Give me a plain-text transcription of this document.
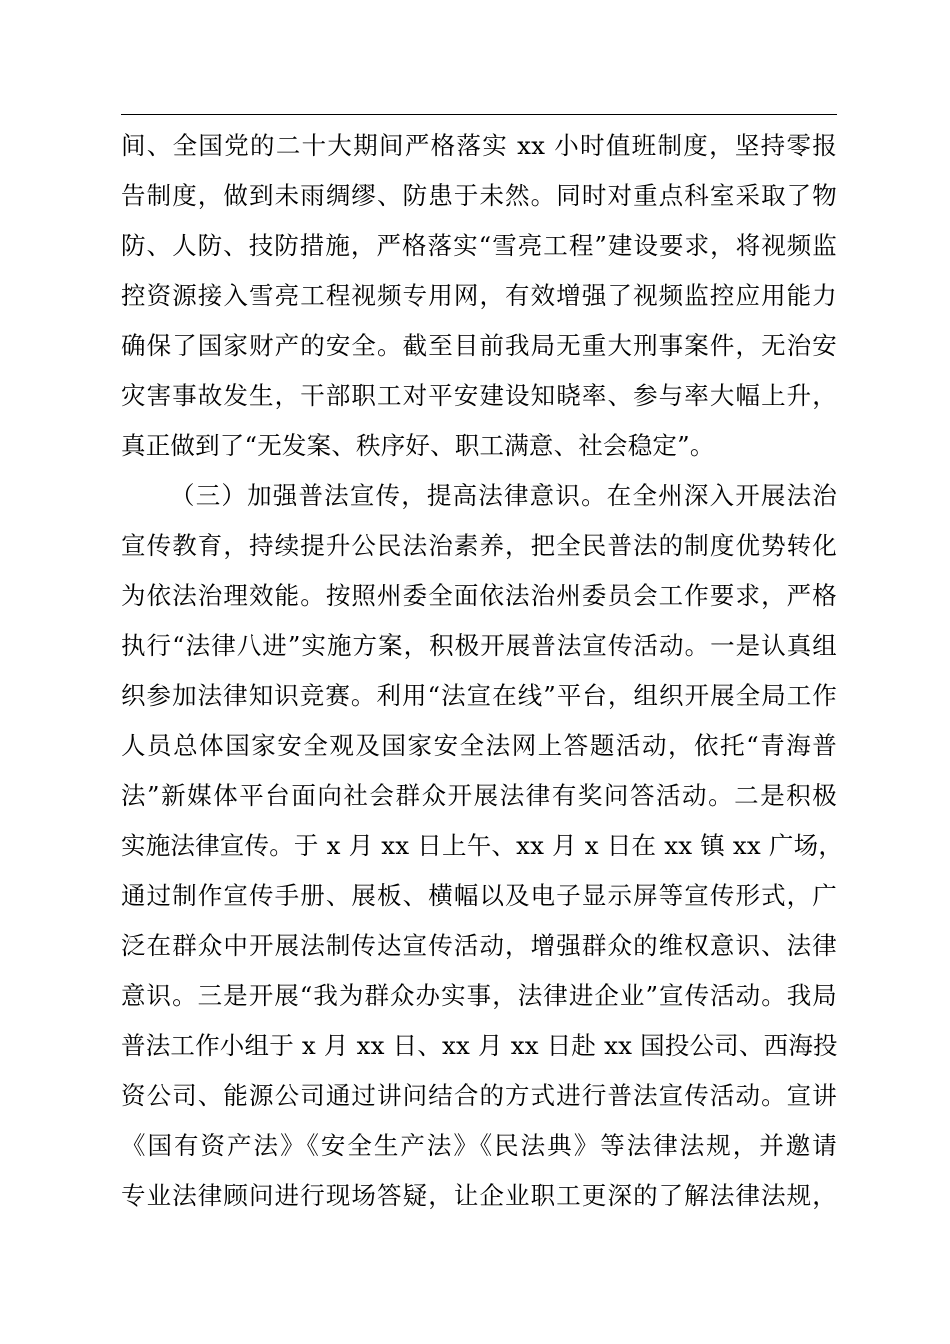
间、全国党的二十大期间严格落实 xx 小时值班制度，坚持零报
告制度，做到未雨绸缪、防患于未然。同时对重点科室采取了物
防、人防、技防措施，严格落实“雪亮工程”建设要求，将视频监
控资源接入雪亮工程视频专用网，有效增强了视频监控应用能力
确保了国家财产的安全。截至目前我局无重大刑事案件，无治安
灾害事故发生，干部职工对平安建设知晓率、参与率大幅上升，
真正做到了“无发案、秩序好、职工满意、社会稳定”。
（三）加强普法宣传，提高法律意识。在全州深入开展法治
宣传教育，持续提升公民法治素养，把全民普法的制度优势转化
为依法治理效能。按照州委全面依法治州委员会工作要求，严格
执行“法律八进”实施方案，积极开展普法宣传活动。一是认真组
织参加法律知识竞赛。利用“法宣在线”平台，组织开展全局工作
人员总体国家安全观及国家安全法网上答题活动，依托“青海普
法”新媒体平台面向社会群众开展法律有奖问答活动。二是积极
实施法律宣传。于 x 月 xx 日上午、xx 月 x 日在 xx 镇 xx 广场，
通过制作宣传手册、展板、横幅以及电子显示屏等宣传形式，广
泛在群众中开展法制传达宣传活动，增强群众的维权意识、法律
意识。三是开展“我为群众办实事，法律进企业”宣传活动。我局
普法工作小组于 x 月 xx 日、xx 月 xx 日赴 xx 国投公司、西海投
资公司、能源公司通过讲问结合的方式进行普法宣传活动。宣讲
《国有资产法》《安全生产法》《民法典》等法律法规，并邀请
专业法律顾问进行现场答疑，让企业职工更深的了解法律法规，
